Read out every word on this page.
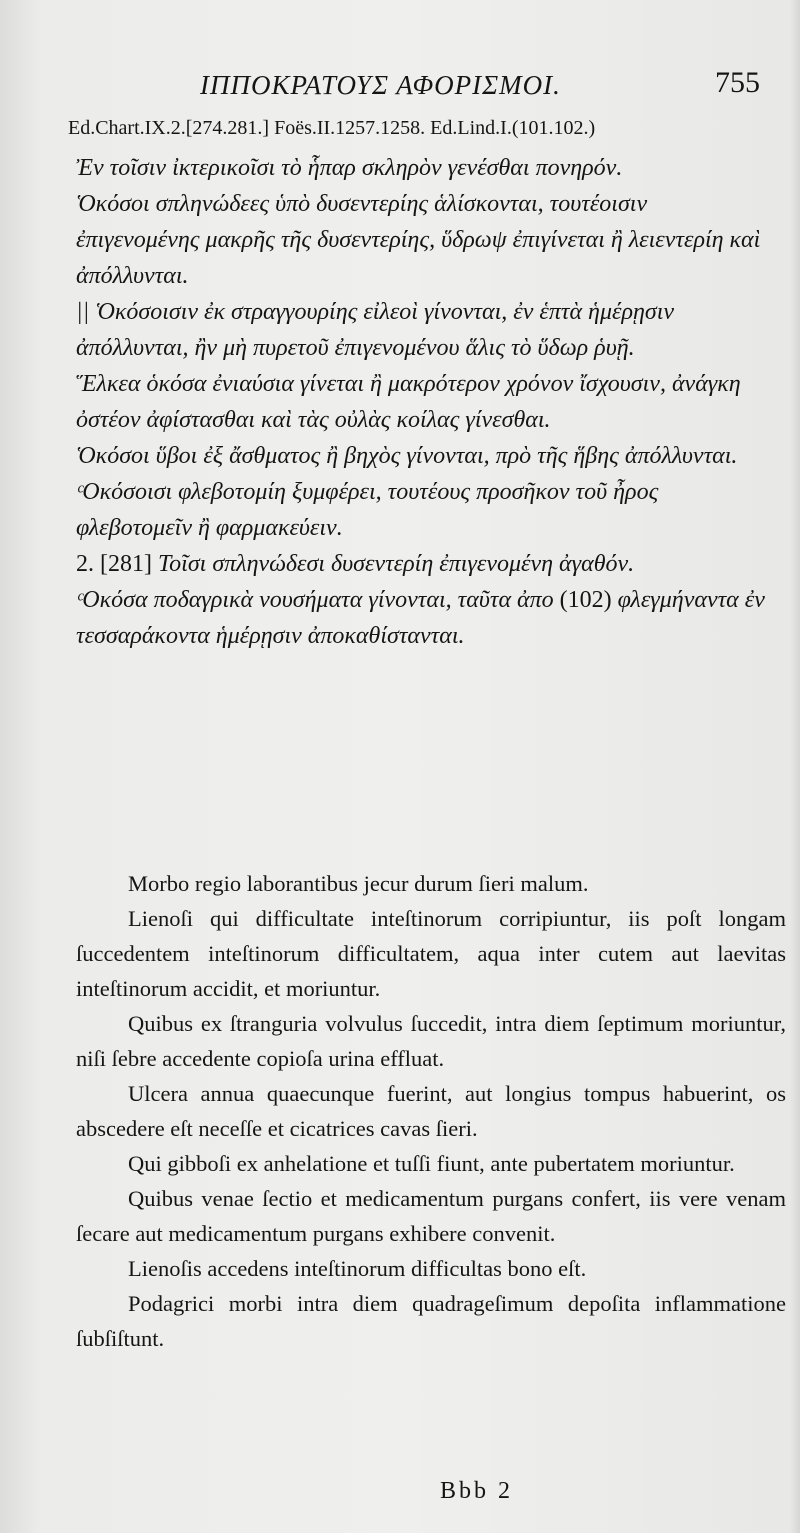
ΙΠΠΟΚΡΑΤΟΥΣ ΑΦΟΡΙΣΜΟΙ.	755
Ed.Chart.IX.2.[274.281.] Foës.II.1257.1258. Ed.Lind.I.(101.102.)

Ἐν τοῖσιν ἰκτερικοῖσι τὸ ἧπαρ σκληρὸν γενέσθαι πονηρόν.

Ὁκόσοι σπληνώδεες ὑπὸ δυσεντερίης ἁλίσκονται, τουτέοισιν ἐπιγενομένης μακρῆς τῆς δυσεντερίης, ὕδρωψ ἐπιγίνεται ἢ λειεντερίη καὶ ἀπόλλυνται.

|| Ὁκόσοισιν ἐκ στραγγουρίης εἰλεοὶ γίνονται, ἐν ἑπτὰ ἡμέρῃσιν ἀπόλλυνται, ἢν μὴ πυρετοῦ ἐπιγενομένου ἅλις τὸ ὕδωρ ῥυῇ.

Ἕλκεα ὁκόσα ἐνιαύσια γίνεται ἢ μακρότερον χρόνον ἴσχουσιν, ἀνάγκη ὀστέον ἀφίστασθαι καὶ τὰς οὐλὰς κοίλας γίνεσθαι.

Ὁκόσοι ὕβοι ἐξ ἄσθματος ἢ βηχὸς γίνονται, πρὸ τῆς ἥβης ἀπόλλυνται.

ᶜΟκόσοισι φλεβοτομίη ξυμφέρει, τουτέους προσῆκον τοῦ ἦρος φλεβοτομεῖν ἢ φαρμακεύειν.

2. [281] Τοῖσι σπληνώδεσι δυσεντερίη ἐπιγενομένη ἀγαθόν.

ᶜΟκόσα ποδαγρικὰ νουσήματα γίνονται, ταῦτα ἀπο (102) φλεγμήναντα ἐν τεσσαράκοντα ἡμέρῃσιν ἀποκαθίστανται.

Morbo regio laborantibus jecur durum ſieri malum.

Lienoſi qui difficultate inteſtinorum corripiuntur, iis poſt longam ſuccedentem inteſtinorum difficultatem, aqua inter cutem aut laevitas inteſtinorum accidit, et moriuntur.

Quibus ex ſtranguria volvulus ſuccedit, intra diem ſeptimum moriuntur, niſi ſebre accedente copioſa urina effluat.

Ulcera annua quaecunque fuerint, aut longius tompus habuerint, os abscedere eſt neceſſe et cicatrices cavas ſieri.

Qui gibboſi ex anhelatione et tuſſi fiunt, ante pubertatem moriuntur.

Quibus venae ſectio et medicamentum purgans confert, iis vere venam ſecare aut medicamentum purgans exhibere convenit.

Lienoſis accedens inteſtinorum difficultas bono eſt.

Podagrici morbi intra diem quadrageſimum depoſita inflammatione ſubſiſtunt.

Bbb 2
